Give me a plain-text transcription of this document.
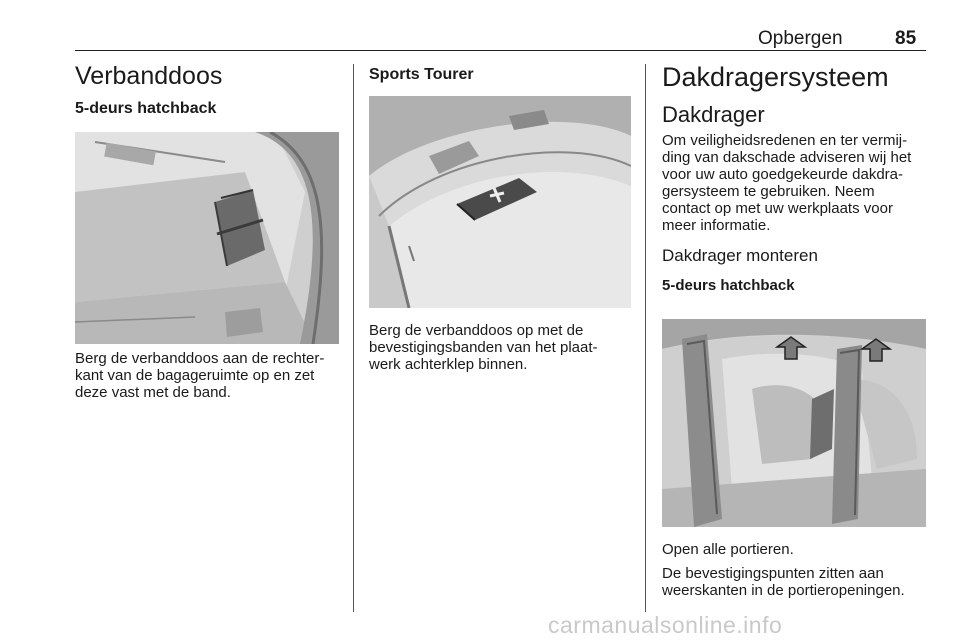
Opbergen	85
Verbanddoos
5-deurs hatchback

Berg de verbanddoos aan de rechter-

kant van de bagageruimte op en zet

deze vast met de band.

Sports Tourer

Berg de verbanddoos op met de

bevestigingsbanden van het plaat-

werk achterklep binnen.

Dakdragersysteem
Dakdrager

Om veiligheidsredenen en ter vermij-

ding van dakschade adviseren wij het

voor uw auto goedgekeurde dakdra-

gersysteem te gebruiken. Neem

contact op met uw werkplaats voor

meer informatie.

Dakdrager monteren
5-deurs hatchback

Open alle portieren.

De bevestigingspunten zitten aan

weerskanten in de portieropeningen.

carmanualsonline.info
